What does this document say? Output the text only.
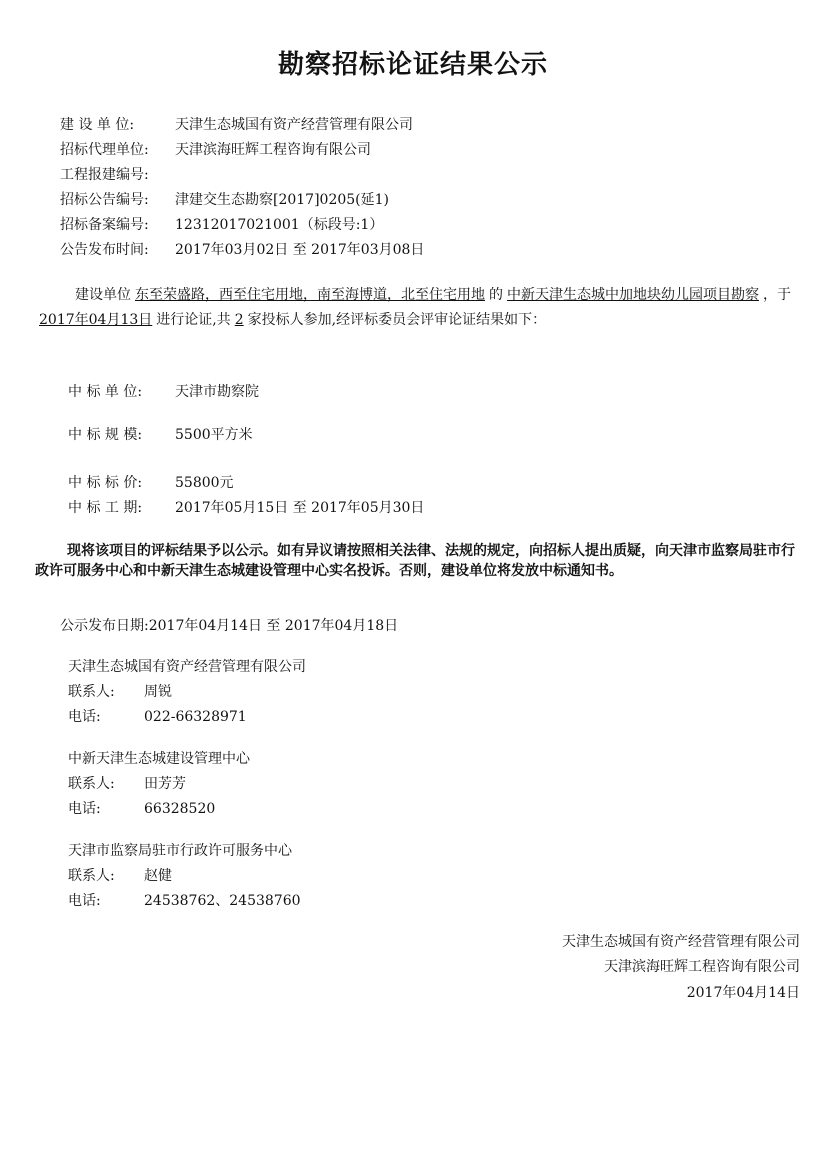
勘察招标论证结果公示
建 设 单 位:	天津生态城国有资产经营管理有限公司
招标代理单位: 天津滨海旺辉工程咨询有限公司
工程报建编号:
招标公告编号: 津建交生态勘察[2017]0205(延1)
招标备案编号: 12312017021001（标段号:1）
公告发布时间: 2017年03月02日 至 2017年03月08日
建设单位 东至荣盛路，西至住宅用地，南至海博道，北至住宅用地 的 中新天津生态城中加地块幼儿园项目勘察 ，于2017年04月13日 进行论证,共 2 家投标人参加,经评标委员会评审论证结果如下：
中 标 单 位: 天津市勘察院
中 标 规 模: 5500平方米
中 标 标 价: 55800元
中 标 工 期: 2017年05月15日 至 2017年05月30日
现将该项目的评标结果予以公示。如有异议请按照相关法律、法规的规定，向招标人提出质疑，向天津市监察局驻市行政许可服务中心和中新天津生态城建设管理中心实名投诉。否则，建设单位将发放中标通知书。
公示发布日期:2017年04月14日 至 2017年04月18日
天津生态城国有资产经营管理有限公司
联系人: 周锐
电话:	022-66328971
中新天津生态城建设管理中心
联系人: 田芳芳
电话:	66328520
天津市监察局驻市行政许可服务中心
联系人: 赵健
电话:	24538762、24538760
天津生态城国有资产经营管理有限公司
天津滨海旺辉工程咨询有限公司
2017年04月14日
